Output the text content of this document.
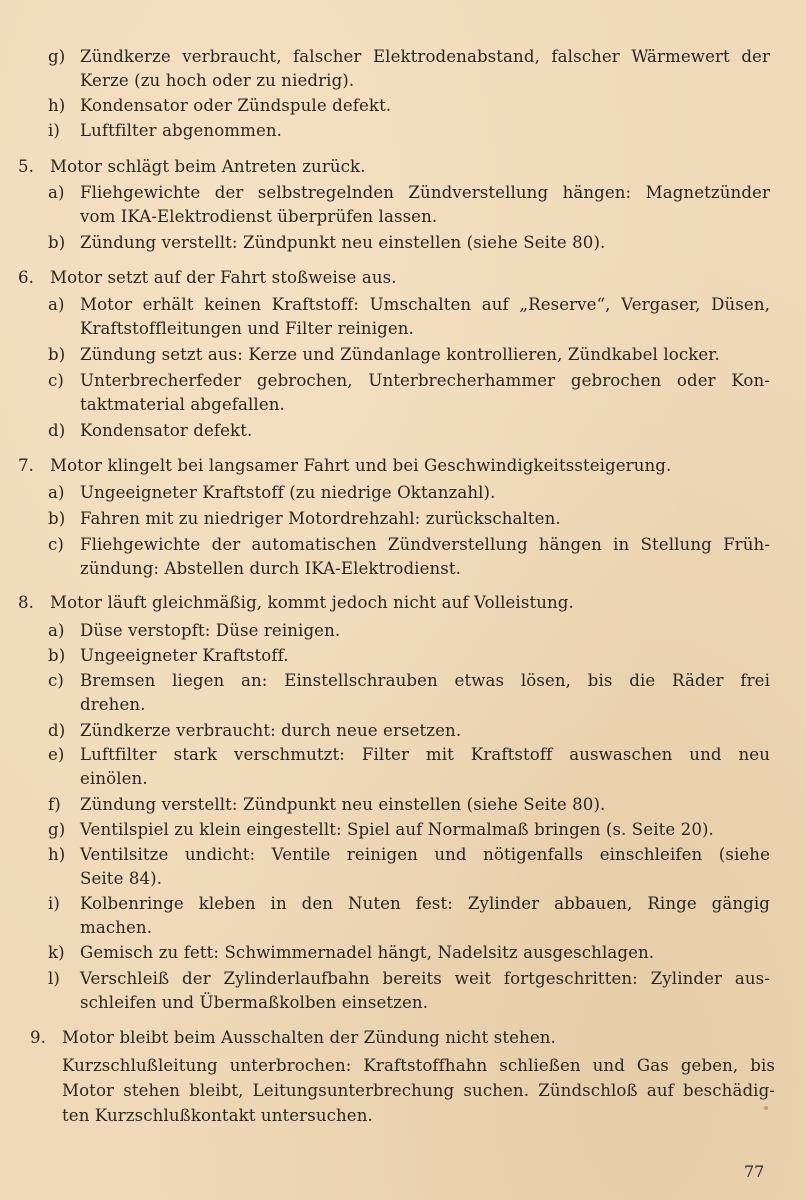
g) Zündkerze verbraucht, falscher Elektrodenabstand, falscher Wärmewert der
Kerze (zu hoch oder zu niedrig).
h) Kondensator oder Zündspule defekt.
i) Luftfilter abgenommen.
5. Motor schlägt beim Antreten zurück.
a) Fliehgewichte der selbstregelnden Zündverstellung hängen: Magnetzünder
vom IKA-Elektrodienst überprüfen lassen.
b) Zündung verstellt: Zündpunkt neu einstellen (siehe Seite 80).
6. Motor setzt auf der Fahrt stoßweise aus.
a) Motor erhält keinen Kraftstoff: Umschalten auf „Reserve“, Vergaser, Düsen,
Kraftstoffleitungen und Filter reinigen.
b) Zündung setzt aus: Kerze und Zündanlage kontrollieren, Zündkabel locker.
c) Unterbrecherfeder gebrochen, Unterbrecherhammer gebrochen oder Kon-
taktmaterial abgefallen.
d) Kondensator defekt.
7. Motor klingelt bei langsamer Fahrt und bei Geschwindigkeitssteigerung.
a) Ungeeigneter Kraftstoff (zu niedrige Oktanzahl).
b) Fahren mit zu niedriger Motordrehzahl: zurückschalten.
c) Fliehgewichte der automatischen Zündverstellung hängen in Stellung Früh-
zündung: Abstellen durch IKA-Elektrodienst.
8. Motor läuft gleichmäßig, kommt jedoch nicht auf Volleistung.
a) Düse verstopft: Düse reinigen.
b) Ungeeigneter Kraftstoff.
c) Bremsen liegen an: Einstellschrauben etwas lösen, bis die Räder frei
drehen.
d) Zündkerze verbraucht: durch neue ersetzen.
e) Luftfilter stark verschmutzt: Filter mit Kraftstoff auswaschen und neu
einölen.
f) Zündung verstellt: Zündpunkt neu einstellen (siehe Seite 80).
g) Ventilspiel zu klein eingestellt: Spiel auf Normalmaß bringen (s. Seite 20).
h) Ventilsitze undicht: Ventile reinigen und nötigenfalls einschleifen (siehe
Seite 84).
i) Kolbenringe kleben in den Nuten fest: Zylinder abbauen, Ringe gängig
machen.
k) Gemisch zu fett: Schwimmernadel hängt, Nadelsitz ausgeschlagen.
l) Verschleiß der Zylinderlaufbahn bereits weit fortgeschritten: Zylinder aus-
schleifen und Übermaßkolben einsetzen.
9. Motor bleibt beim Ausschalten der Zündung nicht stehen.
Kurzschlußleitung unterbrochen: Kraftstoffhahn schließen und Gas geben, bis
Motor stehen bleibt, Leitungsunterbrechung suchen. Zündschloß auf beschädig-
ten Kurzschlußkontakt untersuchen.
77
